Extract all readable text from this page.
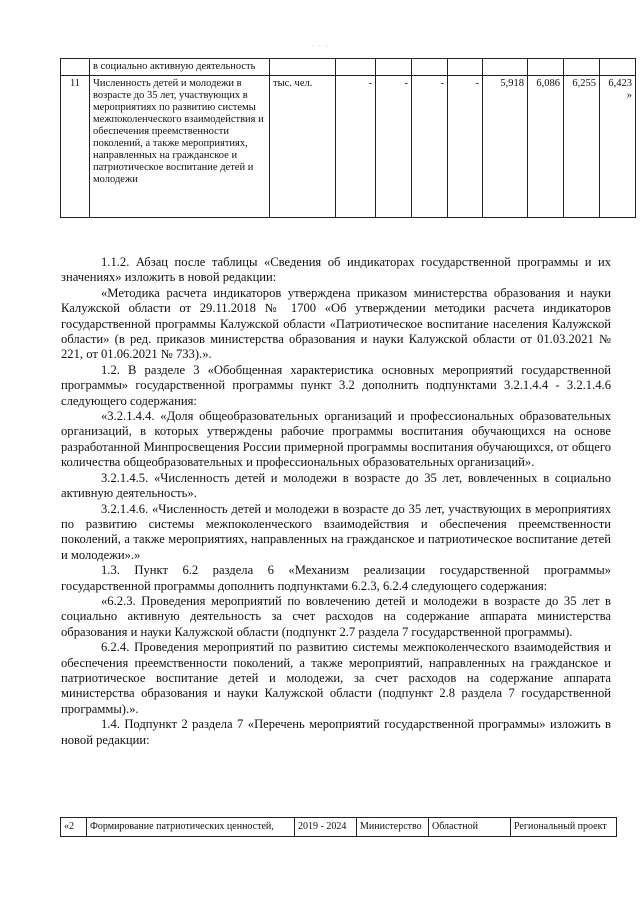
· · ·
	в социально активную деятельность									
11	Численность детей и молодежи в возрасте до 35 лет, участвующих в мероприятиях по развитию системы межпоколенческого взаимодействия и обеспечения преемственности поколений, а также мероприятиях, направленных на гражданское и патриотическое воспитание детей и молодежи	тыс. чел.	-	-	-	-	5,918	6,086	6,255	6,423
»

1.1.2. Абзац после таблицы «Сведения об индикаторах государственной программы и их значениях» изложить в новой редакции:

«Методика расчета индикаторов утверждена приказом министерства образования и науки Калужской области от 29.11.2018 № 1700 «Об утверждении методики расчета индикаторов государственной программы Калужской области «Патриотическое воспитание населения Калужской области» (в ред. приказов министерства образования и науки Калужской области от 01.03.2021 № 221, от 01.06.2021 № 733).».

1.2. В разделе 3 «Обобщенная характеристика основных мероприятий государственной программы» государственной программы пункт 3.2 дополнить подпунктами 3.2.1.4.4 - 3.2.1.4.6 следующего содержания:

«3.2.1.4.4. «Доля общеобразовательных организаций и профессиональных образовательных организаций, в которых утверждены рабочие программы воспитания обучающихся на основе разработанной Минпросвещения России примерной программы воспитания обучающихся, от общего количества общеобразовательных и профессиональных образовательных организаций».

3.2.1.4.5. «Численность детей и молодежи в возрасте до 35 лет, вовлеченных в социально активную деятельность».

3.2.1.4.6. «Численность детей и молодежи в возрасте до 35 лет, участвующих в мероприятиях по развитию системы межпоколенческого взаимодействия и обеспечения преемственности поколений, а также мероприятиях, направленных на гражданское и патриотическое воспитание детей и молодежи».»

1.3. Пункт 6.2 раздела 6 «Механизм реализации государственной программы» государственной программы дополнить подпунктами 6.2.3, 6.2.4 следующего содержания:

«6.2.3. Проведения мероприятий по вовлечению детей и молодежи в возрасте до 35 лет в социально активную деятельность за счет расходов на содержание аппарата министерства образования и науки Калужской области (подпункт 2.7 раздела 7 государственной программы).

6.2.4. Проведения мероприятий по развитию системы межпоколенческого взаимодействия и обеспечения преемственности поколений, а также мероприятий, направленных на гражданское и патриотическое воспитание детей и молодежи, за счет расходов на содержание аппарата министерства образования и науки Калужской области (подпункт 2.8 раздела 7 государственной программы).».

1.4. Подпункт 2 раздела 7 «Перечень мероприятий государственной программы» изложить в новой редакции:

«2	Формирование патриотических ценностей,	2019 - 2024	Министерство	Областной	Региональный проект
